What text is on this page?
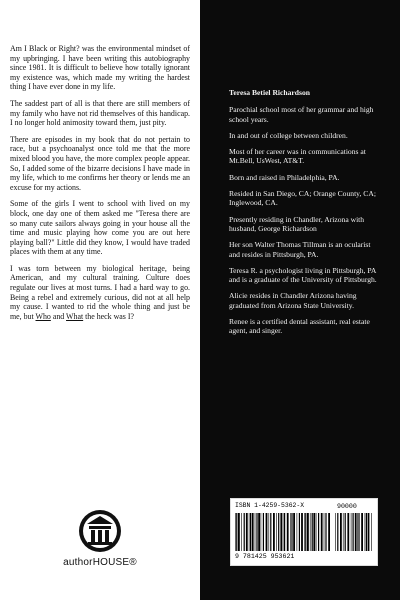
Am I Black or Right? was the environmental mindset of my upbringing. I have been writing this autobiography since 1981. It is difficult to believe how totally ignorant my existence was, which made my writing the hardest thing I have ever done in my life.

The saddest part of all is that there are still members of my family who have not rid themselves of this handicap. I no longer hold animosity toward them, just pity.

There are episodes in my book that do not pertain to race, but a psychoanalyst once told me that the more mixed blood you have, the more complex people appear. So, I added some of the bizarre decisions I have made in my life, which to me confirms her theory or lends me an excuse for my actions.

Some of the girls I went to school with lived on my block, one day one of them asked me "Teresa there are so many cute sailors always going in your house all the time and music playing how come you are out here playing ball?" Little did they know, I would have traded places with them at any time.

I was torn between my biological heritage, being American, and my cultural training. Culture does regulate our lives at most turns. I had a hard way to go. Being a rebel and extremely curious, did not at all help my cause. I wanted to rid the whole thing and just be me, but Who and What the heck was I?

authorHOUSE®

Teresa Betiel Richardson

Parochial school most of her grammar and high school years.

In and out of college between children.

Most of her career was in communications at Mt.Bell, UsWest, AT&T.

Born and raised in Philadelphia, PA.

Resided in San Diego, CA; Orange County, CA; Inglewood, CA.

Presently residing in Chandler, Arizona with husband, George Richardson

Her son Walter Thomas Tillman is an ocularist and resides in Pittsburgh, PA.

Teresa R. a psychologist living in Pittsburgh, PA and is a graduate of the University of Pittsburgh.

Alicie resides in Chandler Arizona having graduated from Arizona State University.

Renee is a certified dental assistant, real estate agent, and singer.

ISBN 1-4259-5362-X	90000
9 781425 953621
